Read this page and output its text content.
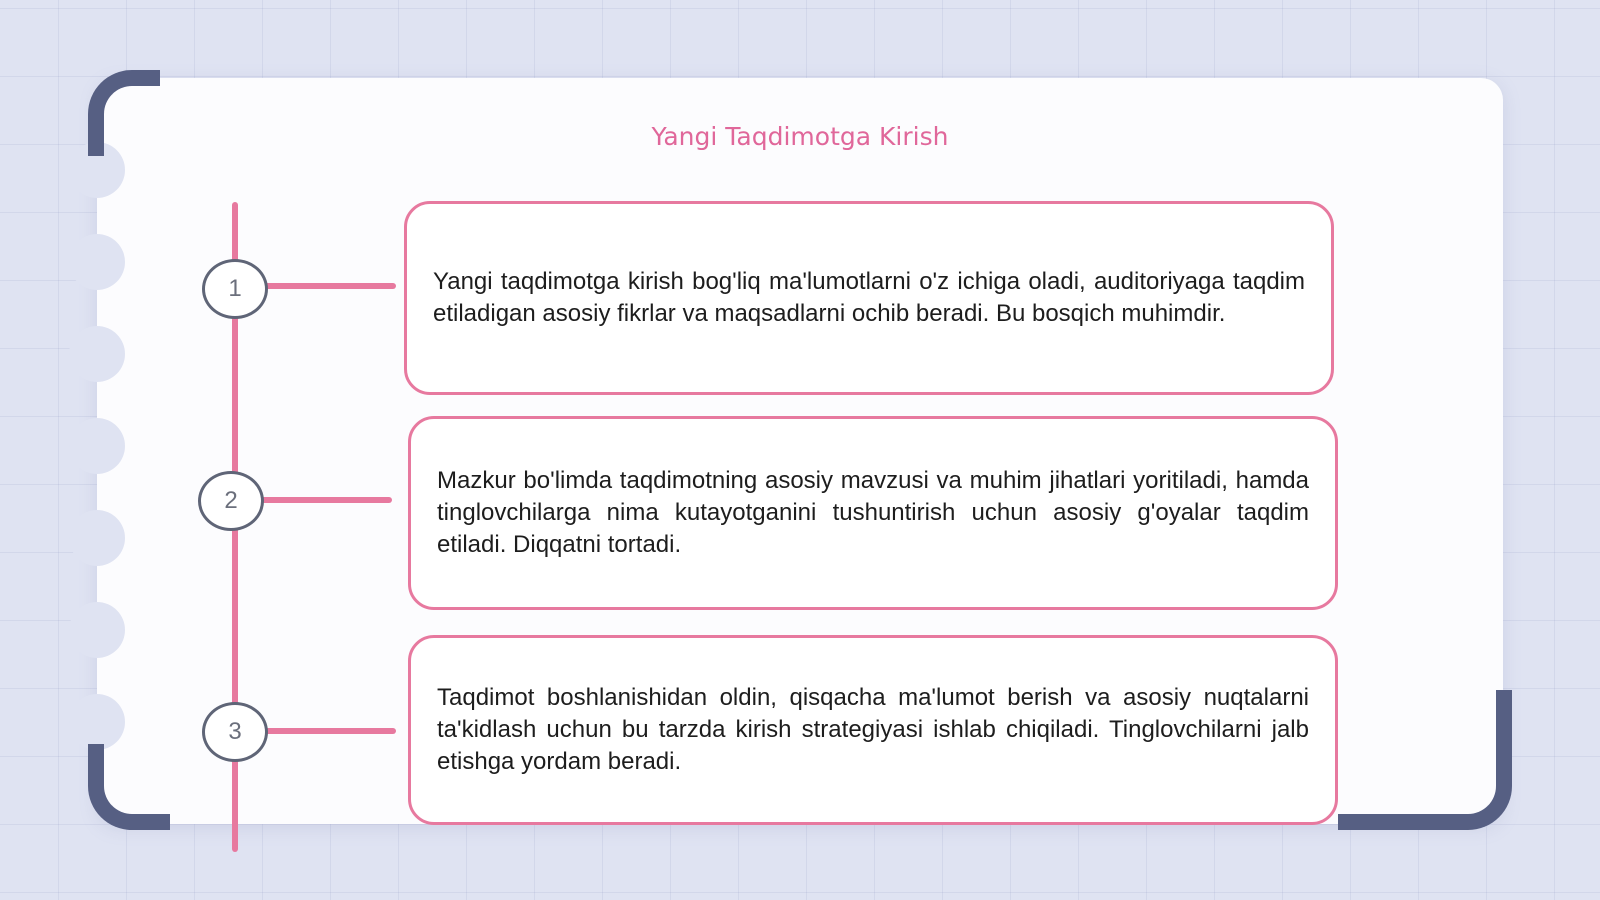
Yangi Taqdimotga Kirish
1
2
3

Yangi taqdimotga kirish bog'liq ma'lumotlarni o'z ichiga oladi, auditoriyaga taqdim etiladigan asosiy fikrlar va maqsadlarni ochib beradi. Bu bosqich muhimdir.

Mazkur bo'limda taqdimotning asosiy mavzusi va muhim jihatlari yoritiladi, hamda tinglovchilarga nima kutayotganini tushuntirish uchun asosiy g'oyalar taqdim etiladi. Diqqatni tortadi.

Taqdimot boshlanishidan oldin, qisqacha ma'lumot berish va asosiy nuqtalarni ta'kidlash uchun bu tarzda kirish strategiyasi ishlab chiqiladi. Tinglovchilarni jalb etishga yordam beradi.
